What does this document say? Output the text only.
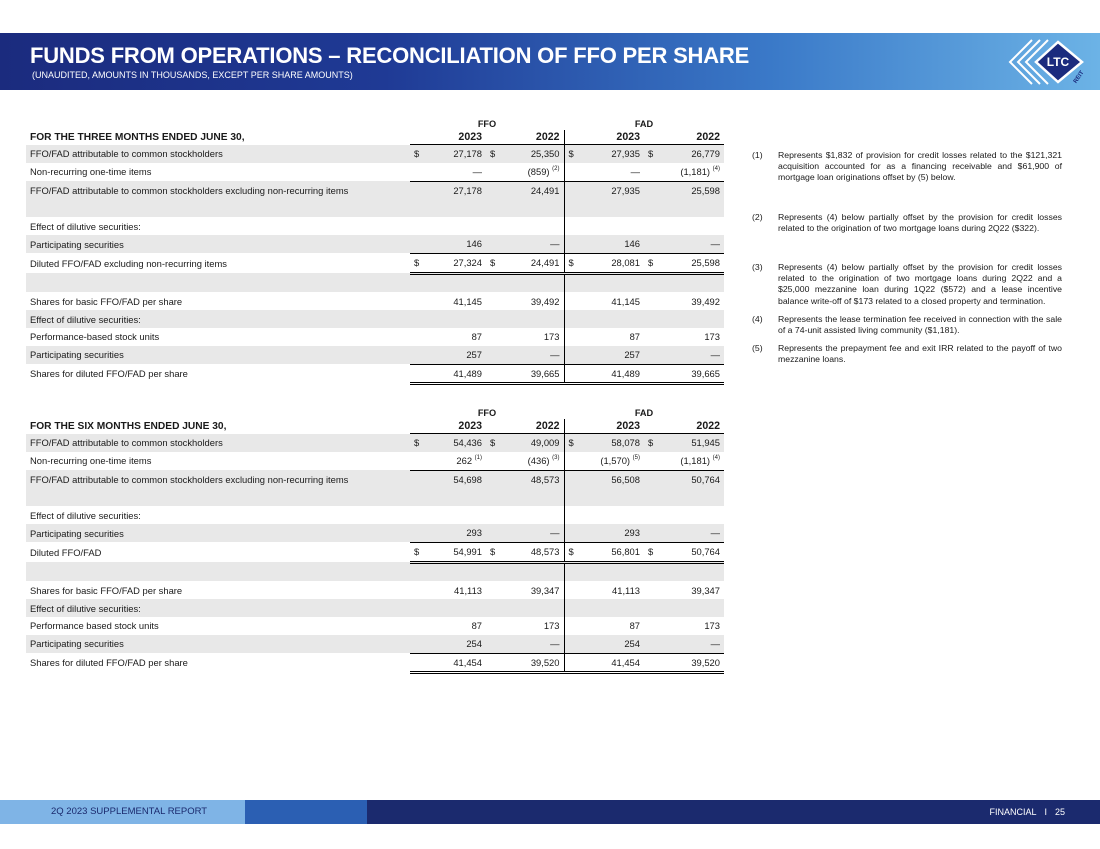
FUNDS FROM OPERATIONS – RECONCILIATION OF FFO PER SHARE
(UNAUDITED, AMOUNTS IN THOUSANDS, EXCEPT PER SHARE AMOUNTS)
LTC
REIT
	FFO		FAD	
FOR THE THREE MONTHS ENDED JUNE 30,	2023	2022	2023	2022
FFO/FAD attributable to common stockholders	$ 27,178	$ 25,350	$ 27,935	$ 26,779
Non-recurring one-time items	—	(859) $^{(2)}$	—	(1,181) $^{(4)}$
FFO/FAD attributable to common stockholders excluding non-recurring items	27,178	24,491	27,935	25,598

Effect of dilutive securities:				
Participating securities	146	—	146	—
Diluted FFO/FAD excluding non-recurring items	$ 27,324	$ 24,491	$ 28,081	$ 25,598

Shares for basic FFO/FAD per share	41,145	39,492	41,145	39,492
Effect of dilutive securities:				
Performance-based stock units	87	173	87	173
Participating securities	257	—	257	—
Shares for diluted FFO/FAD per share	41,489	39,665	41,489	39,665
	FFO		FAD	
FOR THE SIX MONTHS ENDED JUNE 30,	2023	2022	2023	2022
FFO/FAD attributable to common stockholders	$ 54,436	$ 49,009	$ 58,078	$ 51,945
Non-recurring one-time items	262 $^{(1)}$	(436) $^{(3)}$	(1,570) $^{(5)}$	(1,181) $^{(4)}$
FFO/FAD attributable to common stockholders excluding non-recurring items	54,698	48,573	56,508	50,764

Effect of dilutive securities:				
Participating securities	293	—	293	—
Diluted FFO/FAD	$ 54,991	$ 48,573	$ 56,801	$ 50,764

Shares for basic FFO/FAD per share	41,113	39,347	41,113	39,347
Effect of dilutive securities:				
Performance based stock units	87	173	87	173
Participating securities	254	—	254	—
Shares for diluted FFO/FAD per share	41,454	39,520	41,454	39,520
(1) Represents $1,832 of provision for credit losses related to the $121,321 acquisition accounted for as a financing receivable and $61,900 of mortgage loan originations offset by (5) below.
(2) Represents (4) below partially offset by the provision for credit losses related to the origination of two mortgage loans during 2Q22 ($322).
(3) Represents (4) below partially offset by the provision for credit losses related to the origination of two mortgage loans during 2Q22 and a $25,000 mezzanine loan during 1Q22 ($572) and a lease incentive balance write-off of $173 related to a closed property and termination.
(4) Represents the lease termination fee received in connection with the sale of a 74-unit assisted living community ($1,181).
(5) Represents the prepayment fee and exit IRR related to the payoff of two mezzanine loans.
2Q 2023 SUPPLEMENTAL REPORT	FINANCIAL I 25
